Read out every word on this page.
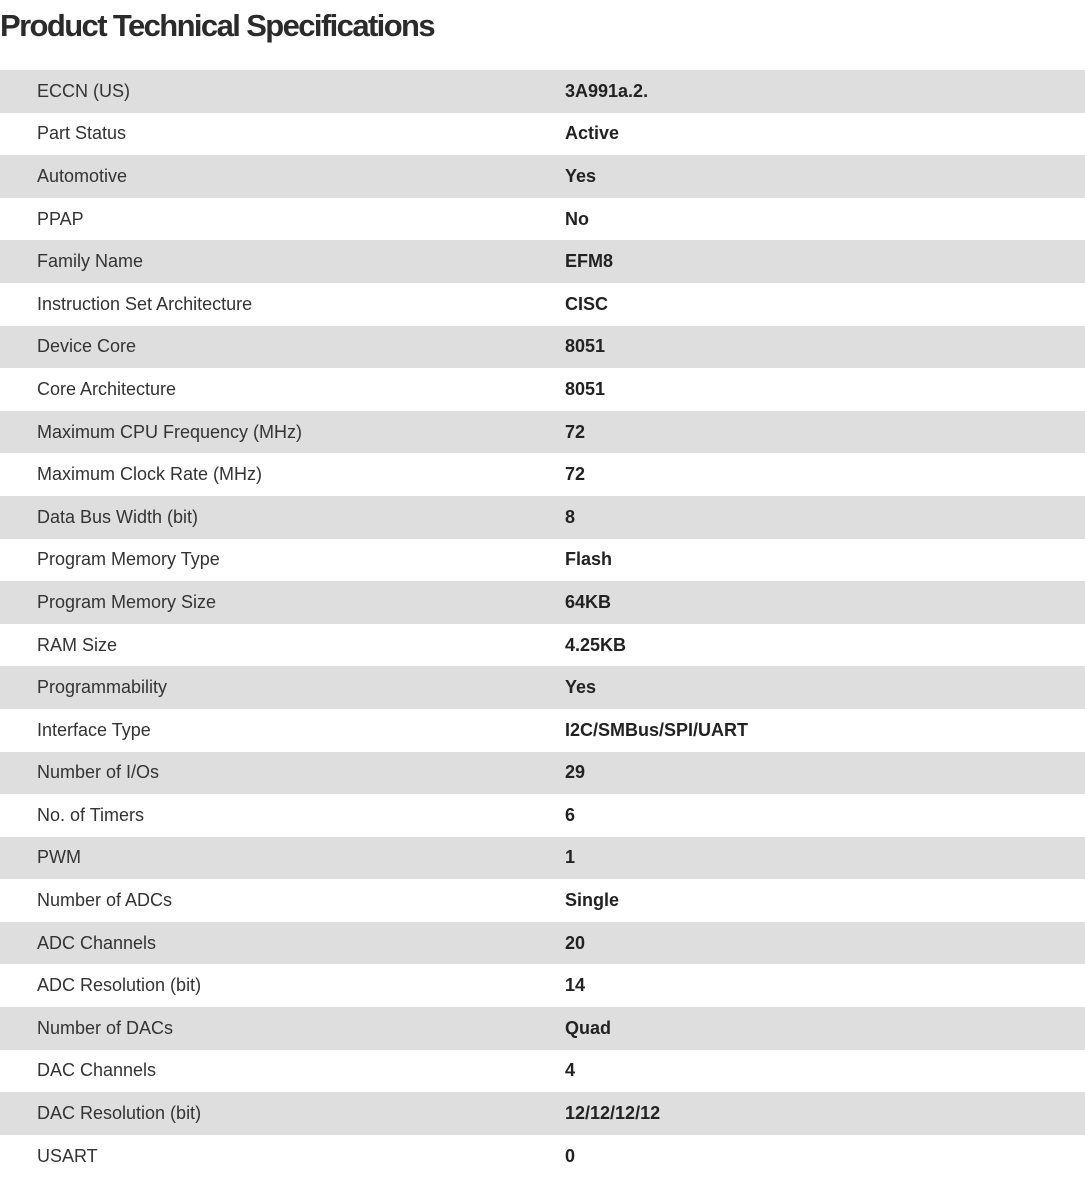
Product Technical Specifications
ECCN (US)	3A991a.2.
Part Status	Active
Automotive	Yes
PPAP	No
Family Name	EFM8
Instruction Set Architecture	CISC
Device Core	8051
Core Architecture	8051
Maximum CPU Frequency (MHz)	72
Maximum Clock Rate (MHz)	72
Data Bus Width (bit)	8
Program Memory Type	Flash
Program Memory Size	64KB
RAM Size	4.25KB
Programmability	Yes
Interface Type	I2C/SMBus/SPI/UART
Number of I/Os	29
No. of Timers	6
PWM	1
Number of ADCs	Single
ADC Channels	20
ADC Resolution (bit)	14
Number of DACs	Quad
DAC Channels	4
DAC Resolution (bit)	12/12/12/12
USART	0
